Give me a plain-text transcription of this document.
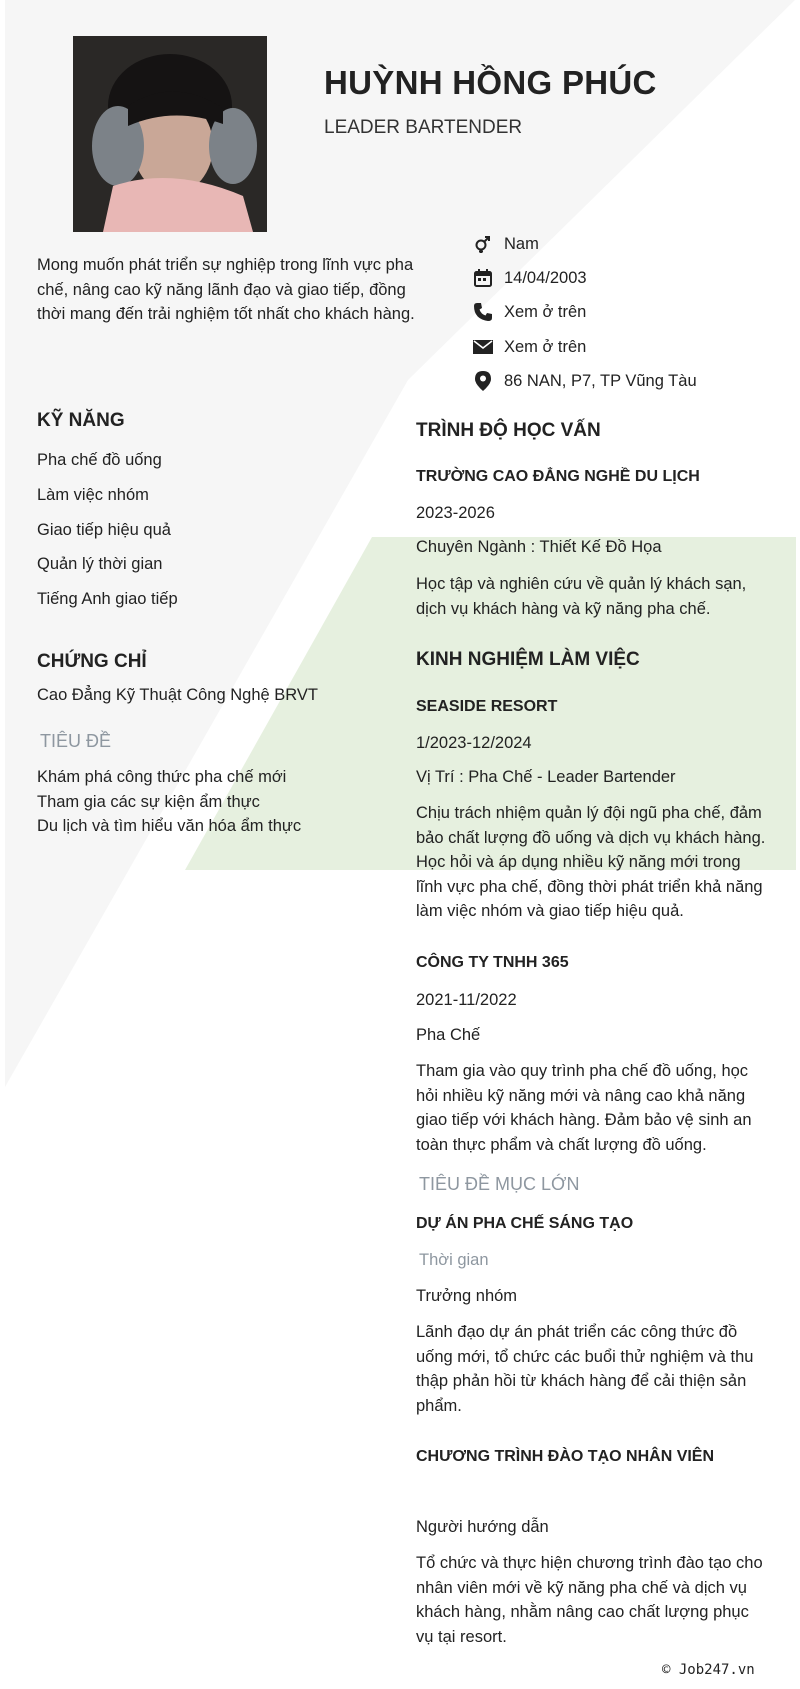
HUỲNH HỒNG PHÚC
LEADER BARTENDER
Mong muốn phát triển sự nghiệp trong lĩnh vực pha chế, nâng cao kỹ năng lãnh đạo và giao tiếp, đồng thời mang đến trải nghiệm tốt nhất cho khách hàng.
Nam
14/04/2003
Xem ở trên
Xem ở trên
86 NAN, P7, TP Vũng Tàu
KỸ NĂNG
Pha chế đồ uống
Làm việc nhóm
Giao tiếp hiệu quả
Quản lý thời gian
Tiếng Anh giao tiếp
CHỨNG CHỈ
Cao Đẳng Kỹ Thuật Công Nghệ BRVT
TIÊU ĐỀ
Khám phá công thức pha chế mới
Tham gia các sự kiện ẩm thực
Du lịch và tìm hiểu văn hóa ẩm thực
TRÌNH ĐỘ HỌC VẤN
TRƯỜNG CAO ĐẲNG NGHỀ DU LỊCH
2023-2026
Chuyên Ngành : Thiết Kế Đồ Họa
Học tập và nghiên cứu về quản lý khách sạn, dịch vụ khách hàng và kỹ năng pha chế.
KINH NGHIỆM LÀM VIỆC
SEASIDE RESORT
1/2023-12/2024
Vị Trí : Pha Chế - Leader Bartender
Chịu trách nhiệm quản lý đội ngũ pha chế, đảm bảo chất lượng đồ uống và dịch vụ khách hàng. Học hỏi và áp dụng nhiều kỹ năng mới trong lĩnh vực pha chế, đồng thời phát triển khả năng làm việc nhóm và giao tiếp hiệu quả.
CÔNG TY TNHH 365
2021-11/2022
Pha Chế
Tham gia vào quy trình pha chế đồ uống, học hỏi nhiều kỹ năng mới và nâng cao khả năng giao tiếp với khách hàng. Đảm bảo vệ sinh an toàn thực phẩm và chất lượng đồ uống.
TIÊU ĐỀ MỤC LỚN
DỰ ÁN PHA CHẾ SÁNG TẠO
Thời gian
Trưởng nhóm
Lãnh đạo dự án phát triển các công thức đồ uống mới, tổ chức các buổi thử nghiệm và thu thập phản hồi từ khách hàng để cải thiện sản phẩm.
CHƯƠNG TRÌNH ĐÀO TẠO NHÂN VIÊN
Người hướng dẫn
Tổ chức và thực hiện chương trình đào tạo cho nhân viên mới về kỹ năng pha chế và dịch vụ khách hàng, nhằm nâng cao chất lượng phục vụ tại resort.
© Job247.vn
